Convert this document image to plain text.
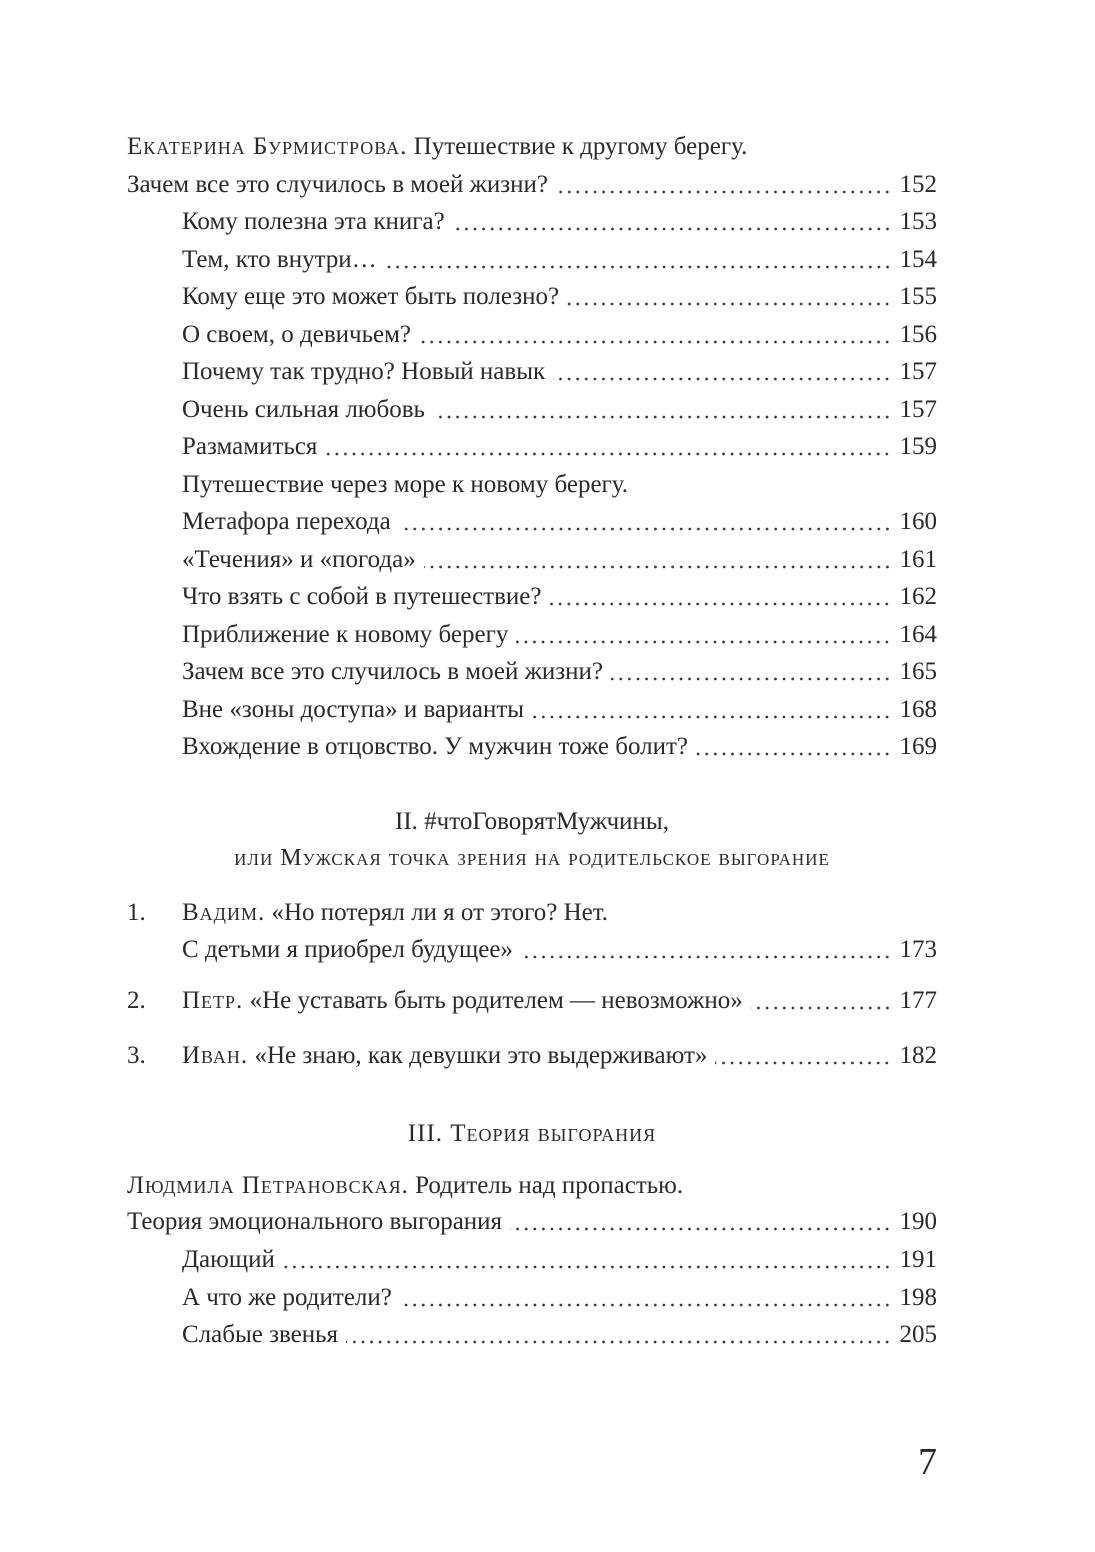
Екатерина Бурмистрова. Путешествие к другому берегу.
Зачем все это случилось в моей жизни?	152
Кому полезна эта книга?	153
Тем, кто внутри…	154
Кому еще это может быть полезно?	155
О своем, о девичьем?	156
Почему так трудно? Новый навык	157
Очень сильная любовь	157
Размамиться	159
Путешествие через море к новому берегу.
Метафора перехода	160
«Течения» и «погода»	161
Что взять с собой в путешествие?	162
Приближение к новому берегу	164
Зачем все это случилось в моей жизни?	165
Вне «зоны доступа» и варианты	168
Вхождение в отцовство. У мужчин тоже болит?	169
II. #чтоГоворятМужчины,
или Мужская точка зрения на родительское выгорание
1. Вадим. «Но потерял ли я от этого? Нет.
С детьми я приобрел будущее»	173
2. Петр. «Не уставать быть родителем — невозможно»	177
3. Иван. «Не знаю, как девушки это выдерживают»	182
III. Теория выгорания
Людмила Петрановская. Родитель над пропастью.
Теория эмоционального выгорания	190
Дающий	191
А что же родители?	198
Слабые звенья	205
7
